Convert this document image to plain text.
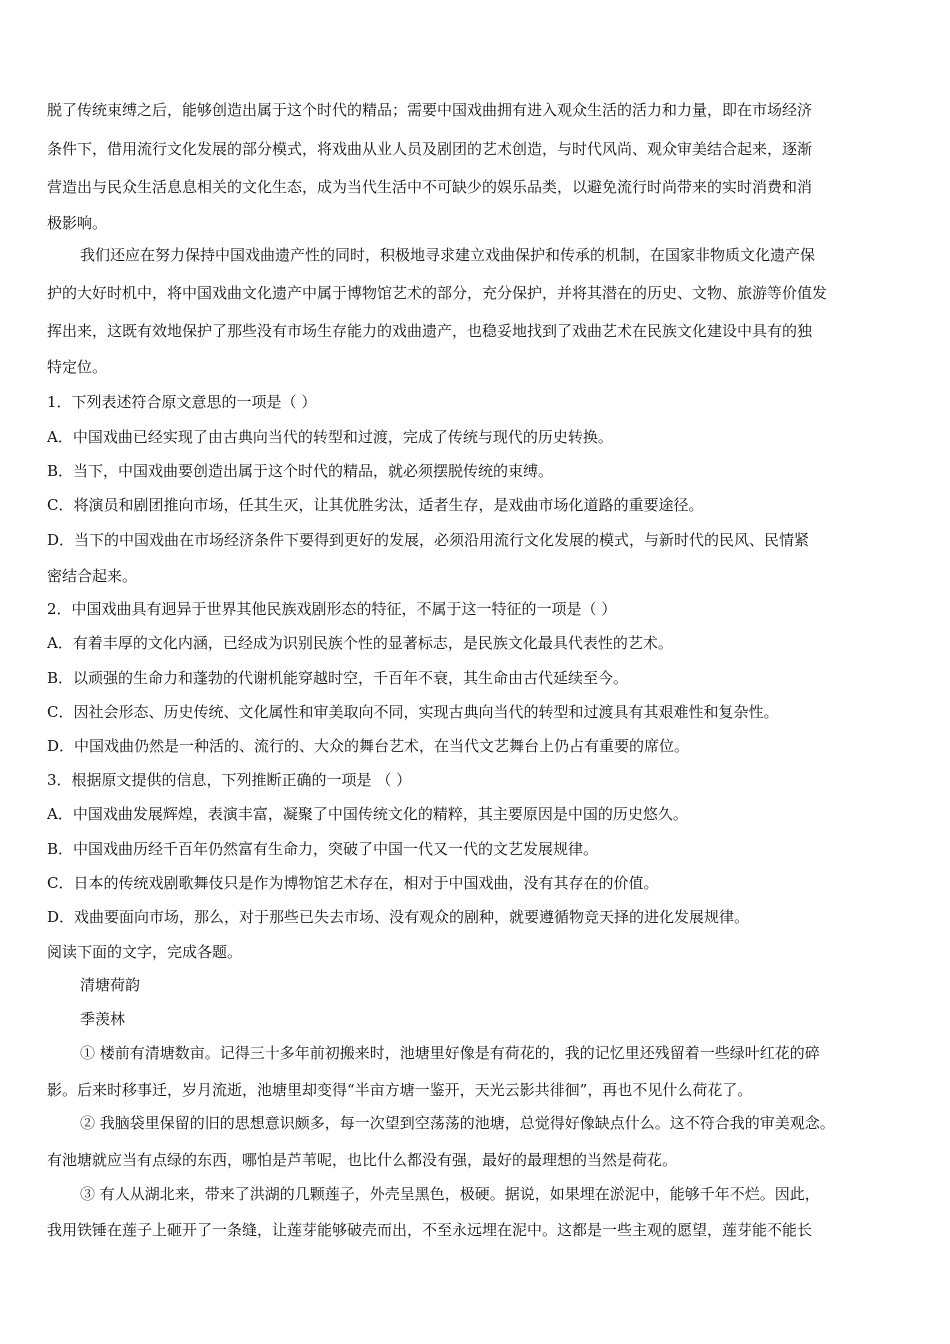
脱了传统束缚之后，能够创造出属于这个时代的精品；需要中国戏曲拥有进入观众生活的活力和力量，即在市场经济

条件下，借用流行文化发展的部分模式，将戏曲从业人员及剧团的艺术创造，与时代风尚、观众审美结合起来，逐渐

营造出与民众生活息息相关的文化生态，成为当代生活中不可缺少的娱乐品类，以避免流行时尚带来的实时消费和消

极影响。

我们还应在努力保持中国戏曲遗产性的同时，积极地寻求建立戏曲保护和传承的机制，在国家非物质文化遗产保

护的大好时机中，将中国戏曲文化遗产中属于博物馆艺术的部分，充分保护，并将其潜在的历史、文物、旅游等价值发

挥出来，这既有效地保护了那些没有市场生存能力的戏曲遗产，也稳妥地找到了戏曲艺术在民族文化建设中具有的独

特定位。

1．下列表述符合原文意思的一项是（ ）

A．中国戏曲已经实现了由古典向当代的转型和过渡，完成了传统与现代的历史转换。

B．当下，中国戏曲要创造出属于这个时代的精品，就必须摆脱传统的束缚。

C．将演员和剧团推向市场，任其生灭，让其优胜劣汰，适者生存，是戏曲市场化道路的重要途径。

D．当下的中国戏曲在市场经济条件下要得到更好的发展，必须沿用流行文化发展的模式，与新时代的民风、民情紧

密结合起来。

2．中国戏曲具有迥异于世界其他民族戏剧形态的特征，不属于这一特征的一项是（ ）

A．有着丰厚的文化内涵，已经成为识别民族个性的显著标志，是民族文化最具代表性的艺术。

B．以顽强的生命力和蓬勃的代谢机能穿越时空，千百年不衰，其生命由古代延续至今。

C．因社会形态、历史传统、文化属性和审美取向不同，实现古典向当代的转型和过渡具有其艰难性和复杂性。

D．中国戏曲仍然是一种活的、流行的、大众的舞台艺术，在当代文艺舞台上仍占有重要的席位。

3．根据原文提供的信息，下列推断正确的一项是 （ ）

A．中国戏曲发展辉煌，表演丰富，凝聚了中国传统文化的精粹，其主要原因是中国的历史悠久。

B．中国戏曲历经千百年仍然富有生命力，突破了中国一代又一代的文艺发展规律。

C．日本的传统戏剧歌舞伎只是作为博物馆艺术存在，相对于中国戏曲，没有其存在的价值。

D．戏曲要面向市场，那么，对于那些已失去市场、没有观众的剧种，就要遵循物竞天择的进化发展规律。

阅读下面的文字，完成各题。

清塘荷韵

季羡林

① 楼前有清塘数亩。记得三十多年前初搬来时，池塘里好像是有荷花的，我的记忆里还残留着一些绿叶红花的碎

影。后来时移事迁，岁月流逝，池塘里却变得“半亩方塘一鉴开，天光云影共徘徊”，再也不见什么荷花了。

② 我脑袋里保留的旧的思想意识颇多，每一次望到空荡荡的池塘，总觉得好像缺点什么。这不符合我的审美观念。

有池塘就应当有点绿的东西，哪怕是芦苇呢，也比什么都没有强，最好的最理想的当然是荷花。

③ 有人从湖北来，带来了洪湖的几颗莲子，外壳呈黑色，极硬。据说，如果埋在淤泥中，能够千年不烂。因此，

我用铁锤在莲子上砸开了一条缝，让莲芽能够破壳而出，不至永远埋在泥中。这都是一些主观的愿望，莲芽能不能长
